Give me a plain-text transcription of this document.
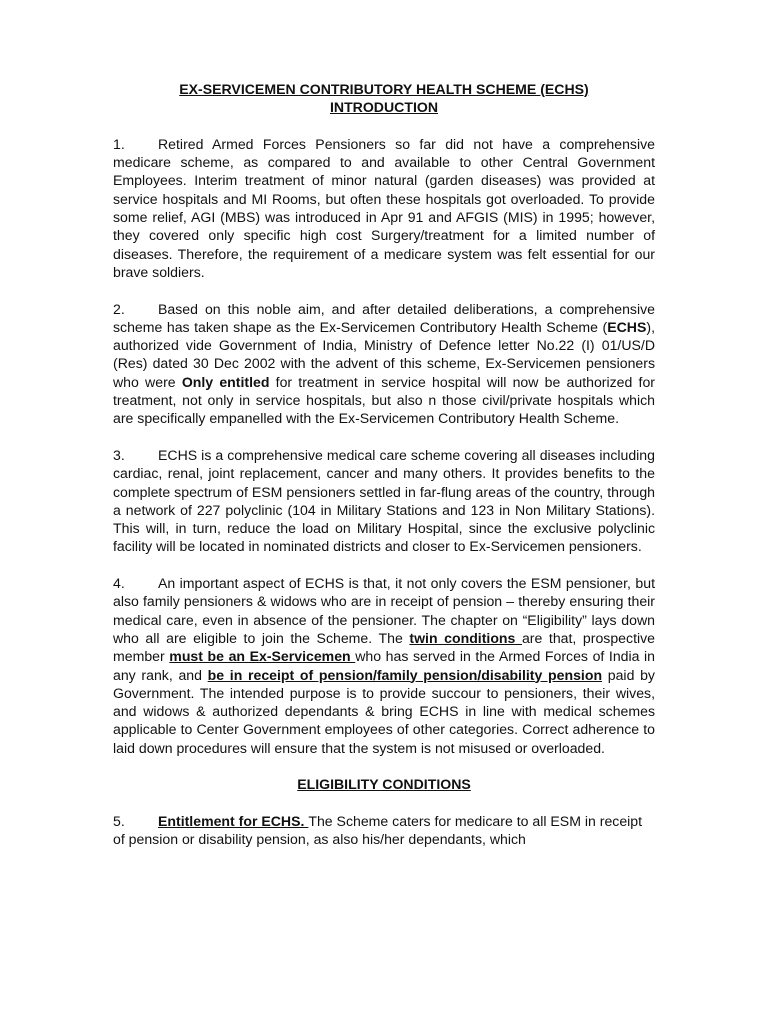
EX-SERVICEMEN CONTRIBUTORY HEALTH SCHEME (ECHS)

INTRODUCTION

1. Retired Armed Forces Pensioners so far did not have a comprehensive medicare scheme, as compared to and available to other Central Government Employees. Interim treatment of minor natural (garden diseases) was provided at service hospitals and MI Rooms, but often these hospitals got overloaded. To provide some relief, AGI (MBS) was introduced in Apr 91 and AFGIS (MIS) in 1995; however, they covered only specific high cost Surgery/treatment for a limited number of diseases. Therefore, the requirement of a medicare system was felt essential for our brave soldiers.

2. Based on this noble aim, and after detailed deliberations, a comprehensive scheme has taken shape as the Ex-Servicemen Contributory Health Scheme (ECHS), authorized vide Government of India, Ministry of Defence letter No.22 (I) 01/US/D (Res) dated 30 Dec 2002 with the advent of this scheme, Ex-Servicemen pensioners who were Only entitled for treatment in service hospital will now be authorized for treatment, not only in service hospitals, but also n those civil/private hospitals which are specifically empanelled with the Ex-Servicemen Contributory Health Scheme.

3. ECHS is a comprehensive medical care scheme covering all diseases including cardiac, renal, joint replacement, cancer and many others. It provides benefits to the complete spectrum of ESM pensioners settled in far-flung areas of the country, through a network of 227 polyclinic (104 in Military Stations and 123 in Non Military Stations). This will, in turn, reduce the load on Military Hospital, since the exclusive polyclinic facility will be located in nominated districts and closer to Ex-Servicemen pensioners.

4. An important aspect of ECHS is that, it not only covers the ESM pensioner, but also family pensioners & widows who are in receipt of pension – thereby ensuring their medical care, even in absence of the pensioner. The chapter on “Eligibility” lays down who all are eligible to join the Scheme. The twin conditions are that, prospective member must be an Ex-Servicemen who has served in the Armed Forces of India in any rank, and be in receipt of pension/family pension/disability pension paid by Government. The intended purpose is to provide succour to pensioners, their wives, and widows & authorized dependants & bring ECHS in line with medical schemes applicable to Center Government employees of other categories. Correct adherence to laid down procedures will ensure that the system is not misused or overloaded.

ELIGIBILITY CONDITIONS

5. Entitlement for ECHS. The Scheme caters for medicare to all ESM in receipt of pension or disability pension, as also his/her dependants, which
